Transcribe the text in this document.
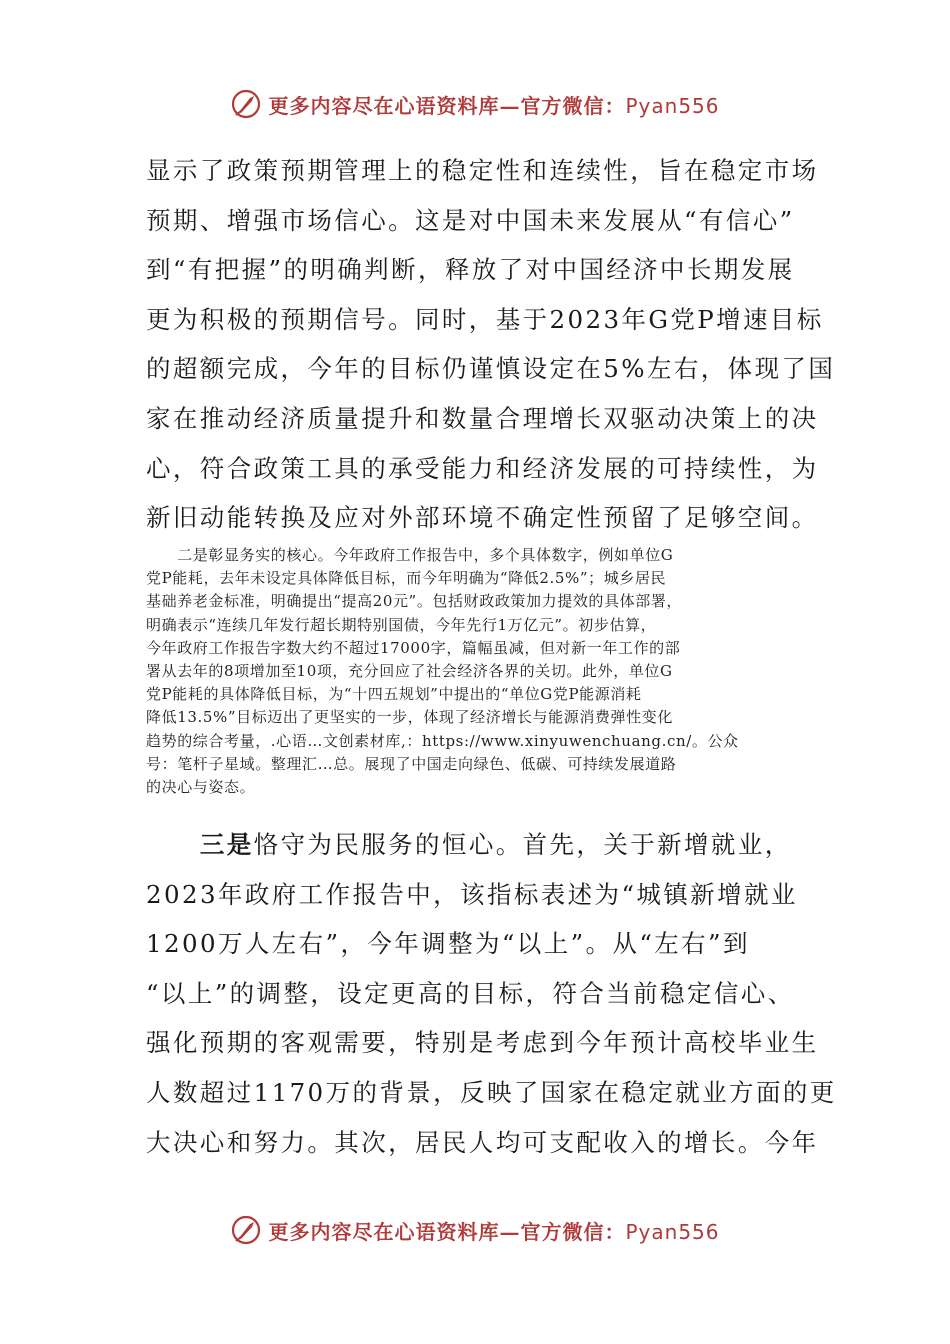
更多内容尽在心语资料库—官方微信：Pyan556

显示了政策预期管理上的稳定性和连续性，旨在稳定市场

预期、增强市场信心。这是对中国未来发展从“有信心”

到“有把握”的明确判断，释放了对中国经济中长期发展

更为积极的预期信号。同时，基于2023年G党P增速目标

的超额完成，今年的目标仍谨慎设定在5%左右，体现了国

家在推动经济质量提升和数量合理增长双驱动决策上的决

心，符合政策工具的承受能力和经济发展的可持续性，为

新旧动能转换及应对外部环境不确定性预留了足够空间。

　　二是彰显务实的核心。今年政府工作报告中，多个具体数字，例如单位G

党P能耗，去年未设定具体降低目标，而今年明确为“降低2.5%”；城乡居民

基础养老金标准，明确提出“提高20元”。包括财政政策加力提效的具体部署，

明确表示“连续几年发行超长期特别国债，今年先行1万亿元”。初步估算，

今年政府工作报告字数大约不超过17000字，篇幅虽减，但对新一年工作的部

署从去年的8项增加至10项，充分回应了社会经济各界的关切。此外，单位G

党P能耗的具体降低目标，为“十四五规划”中提出的“单位G党P能源消耗

降低13.5%”目标迈出了更坚实的一步，体现了经济增长与能源消费弹性变化

趋势的综合考量，.心语…文创素材库,：https://www.xinyuwenchuang.cn/。公众

号：笔杆子星域。整理汇…总。展现了中国走向绿色、低碳、可持续发展道路

的决心与姿态。

　　三是恪守为民服务的恒心。首先，关于新增就业，

2023年政府工作报告中，该指标表述为“城镇新增就业

1200万人左右”，今年调整为“以上”。从“左右”到

“以上”的调整，设定更高的目标，符合当前稳定信心、

强化预期的客观需要，特别是考虑到今年预计高校毕业生

人数超过1170万的背景，反映了国家在稳定就业方面的更

大决心和努力。其次，居民人均可支配收入的增长。今年

更多内容尽在心语资料库—官方微信：Pyan556
